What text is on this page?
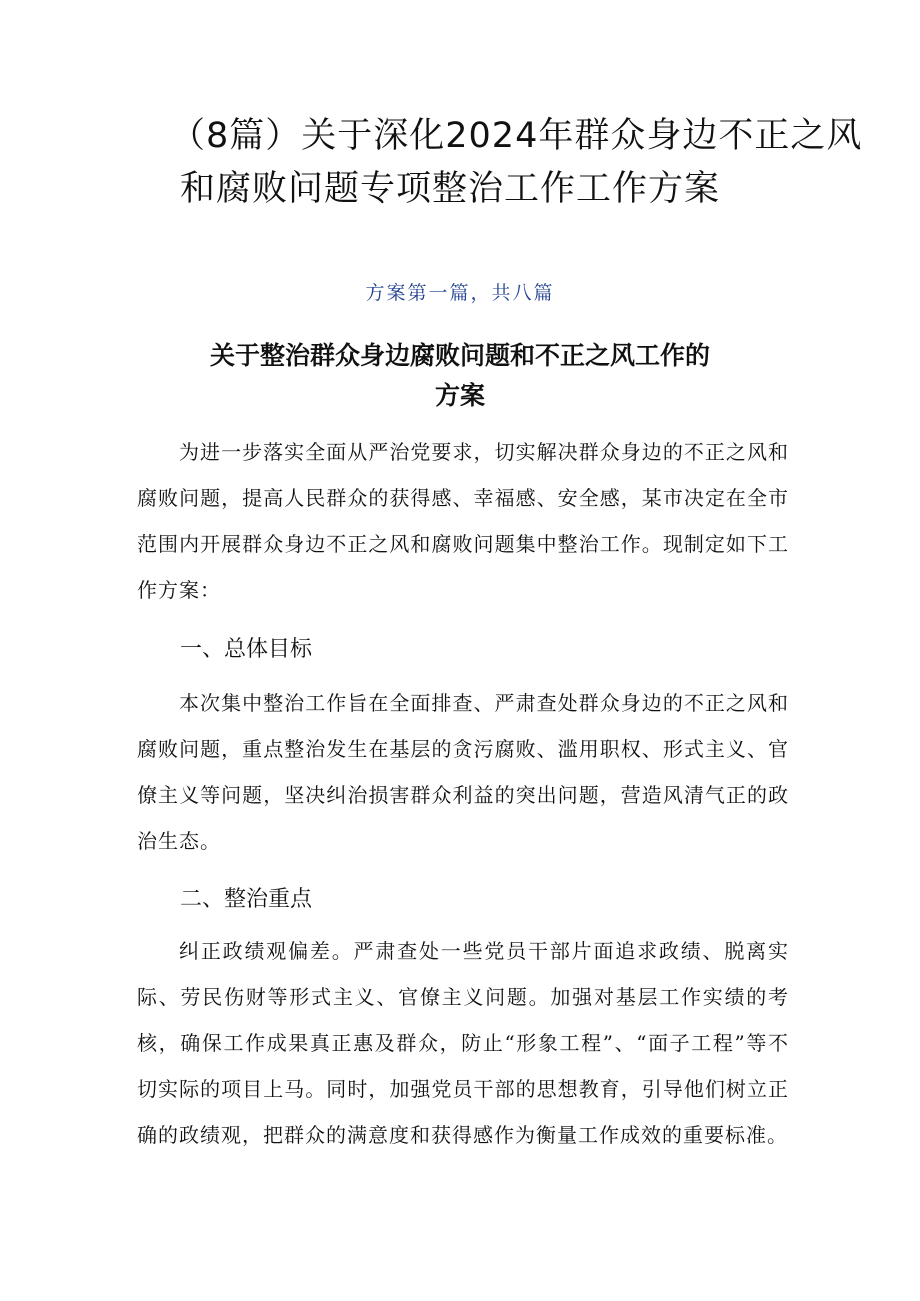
（8篇）关于深化2024年群众身边不正之风
和腐败问题专项整治工作工作方案
方案第一篇，共八篇
关于整治群众身边腐败问题和不正之风工作的
方案

为进一步落实全面从严治党要求，切实解决群众身边的不正之风和腐败问题，提高人民群众的获得感、幸福感、安全感，某市决定在全市范围内开展群众身边不正之风和腐败问题集中整治工作。现制定如下工作方案：

一、总体目标

本次集中整治工作旨在全面排查、严肃查处群众身边的不正之风和腐败问题，重点整治发生在基层的贪污腐败、滥用职权、形式主义、官僚主义等问题，坚决纠治损害群众利益的突出问题，营造风清气正的政治生态。

二、整治重点

纠正政绩观偏差。严肃查处一些党员干部片面追求政绩、脱离实际、劳民伤财等形式主义、官僚主义问题。加强对基层工作实绩的考核，确保工作成果真正惠及群众，防止“形象工程”、“面子工程”等不切实际的项目上马。同时，加强党员干部的思想教育，引导他们树立正确的政绩观，把群众的满意度和获得感作为衡量工作成效的重要标准。
